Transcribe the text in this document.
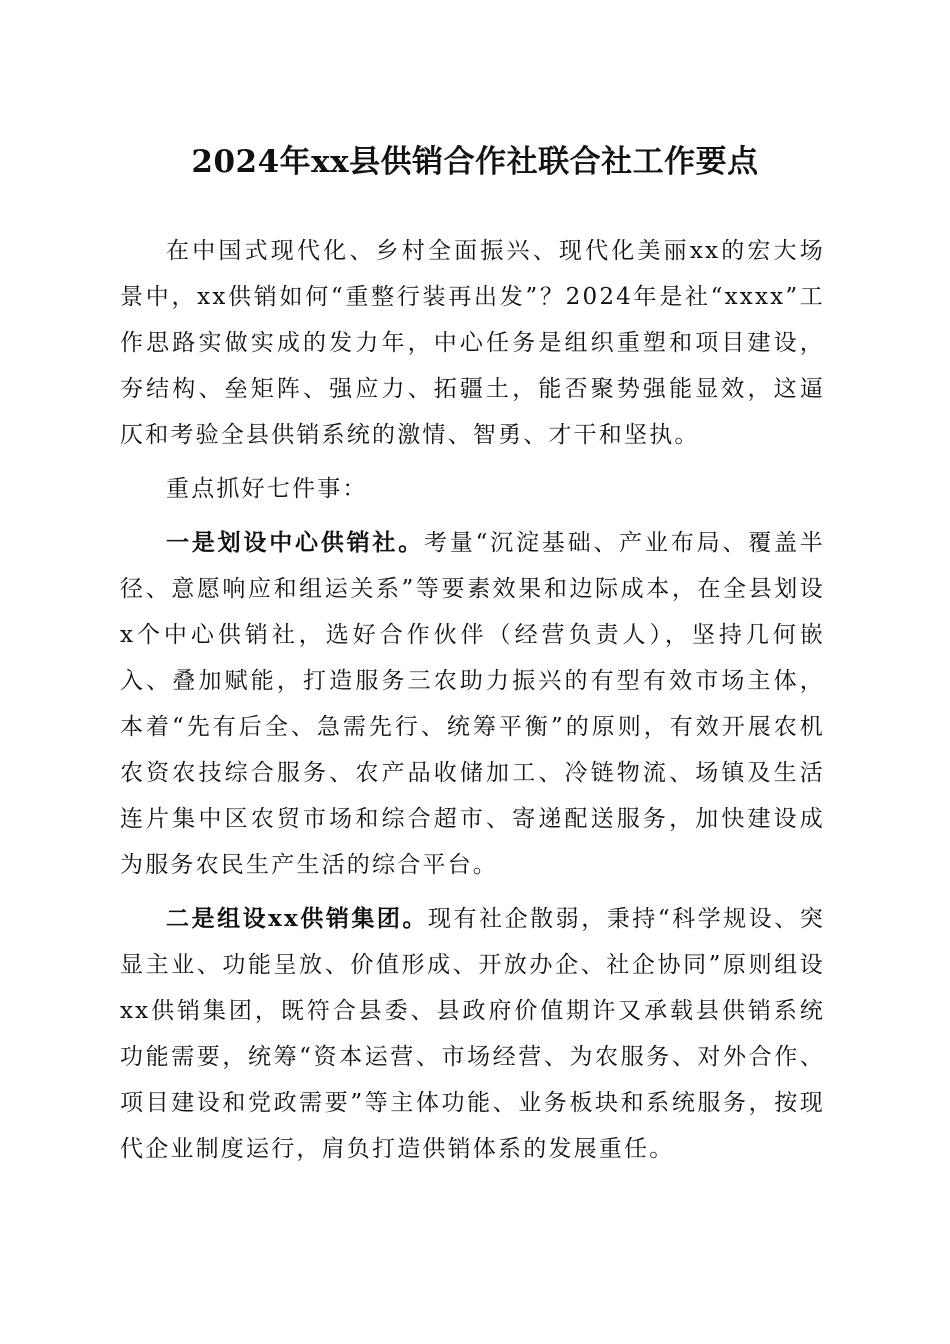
2024年xx县供销合作社联合社工作要点

在中国式现代化、乡村全面振兴、现代化美丽xx的宏大场景中，xx供销如何“重整行装再出发”？2024年是社“xxxx”工作思路实做实成的发力年，中心任务是组织重塑和项目建设，夯结构、垒矩阵、强应力、拓疆土，能否聚势强能显效，这逼仄和考验全县供销系统的激情、智勇、才干和坚执。

重点抓好七件事：

一是划设中心供销社。考量“沉淀基础、产业布局、覆盖半径、意愿响应和组运关系”等要素效果和边际成本，在全县划设x个中心供销社，选好合作伙伴（经营负责人），坚持几何嵌入、叠加赋能，打造服务三农助力振兴的有型有效市场主体，本着“先有后全、急需先行、统筹平衡”的原则，有效开展农机农资农技综合服务、农产品收储加工、冷链物流、场镇及生活连片集中区农贸市场和综合超市、寄递配送服务，加快建设成为服务农民生产生活的综合平台。

二是组设xx供销集团。现有社企散弱，秉持“科学规设、突显主业、功能呈放、价值形成、开放办企、社企协同”原则组设xx供销集团，既符合县委、县政府价值期许又承载县供销系统功能需要，统筹“资本运营、市场经营、为农服务、对外合作、项目建设和党政需要”等主体功能、业务板块和系统服务，按现代企业制度运行，肩负打造供销体系的发展重任。
